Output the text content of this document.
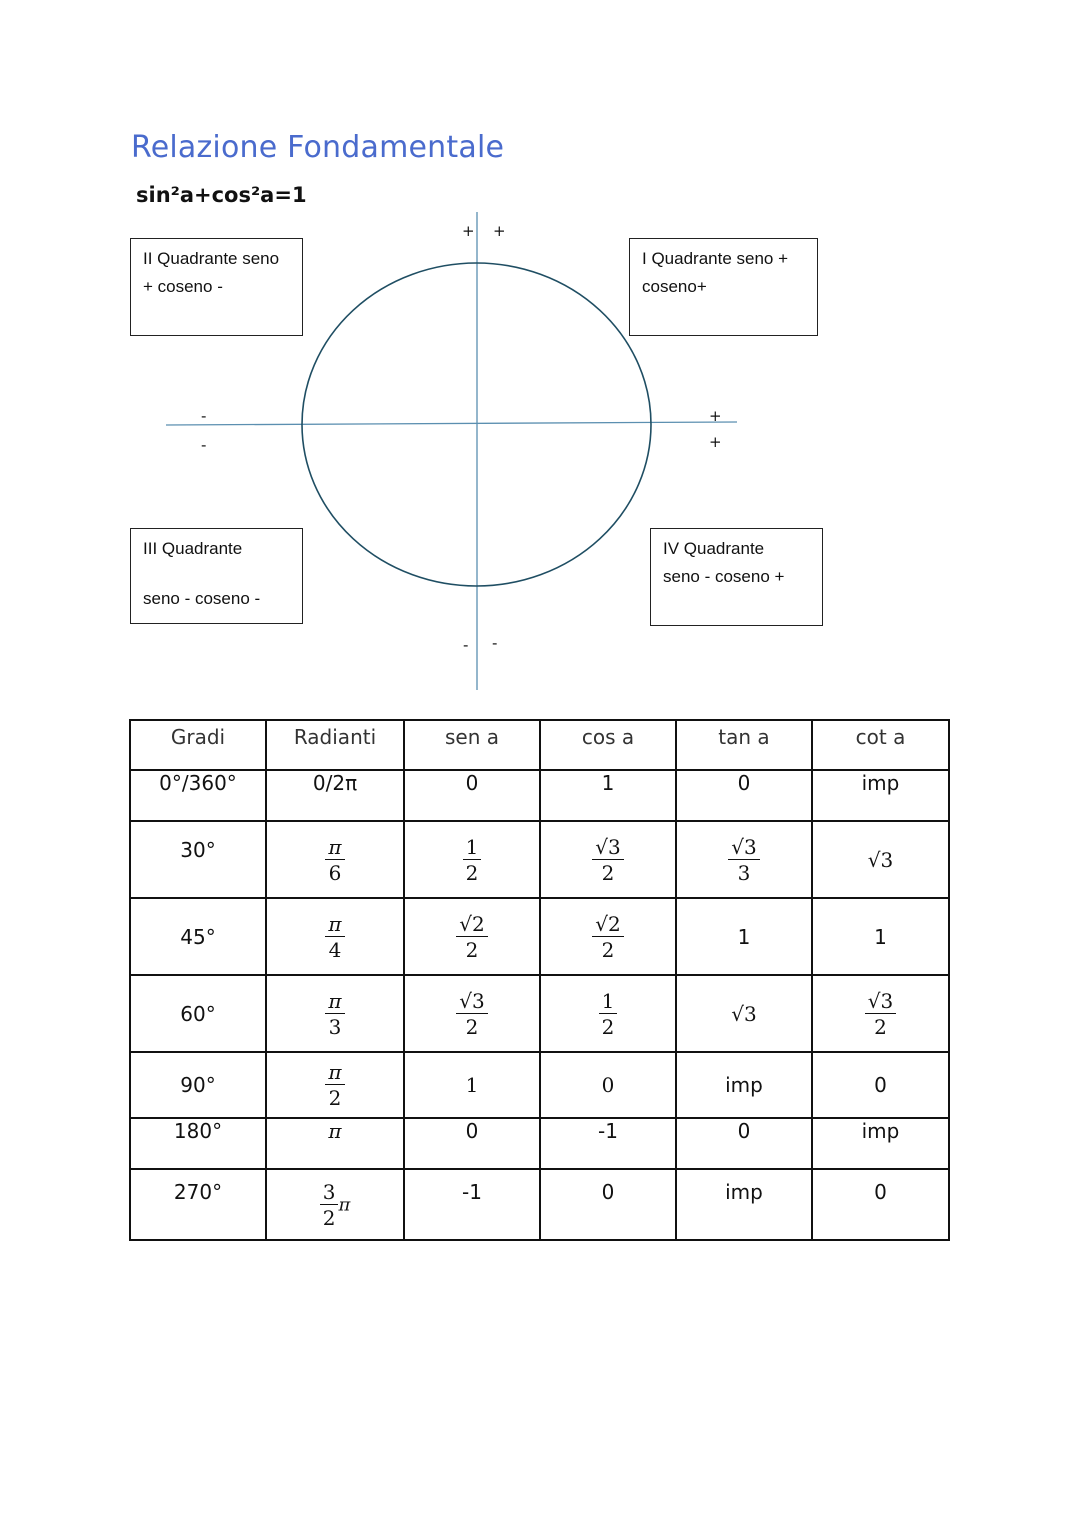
Relazione Fondamentale
sin²a+cos²a=1
+ +
-
-
+
+
- -
II Quadrante seno
+ coseno -
I Quadrante seno +
coseno+
III Quadrante
seno - coseno -
IV Quadrante
seno - coseno +
Gradi	Radianti	sen a	cos a	tan a	cot a
0°/360°	0/2π	0	1	0	imp
30°	$\frac{\pi}{6}$	$\frac{1}{2}$	$\frac{√3}{2}$	$\frac{√3}{3}$	√3
45°	$\frac{\pi}{4}$	$\frac{√2}{2}$	$\frac{√2}{2}$	1	1
60°	$\frac{\pi}{3}$	$\frac{√3}{2}$	$\frac{1}{2}$	√3	$\frac{√3}{2}$

90°	$\frac{\pi}{2}$	1	0	imp	0
180°	π	0	-1	0	imp
270°	$\frac{3}{2}$ π	-1	0	imp	0
